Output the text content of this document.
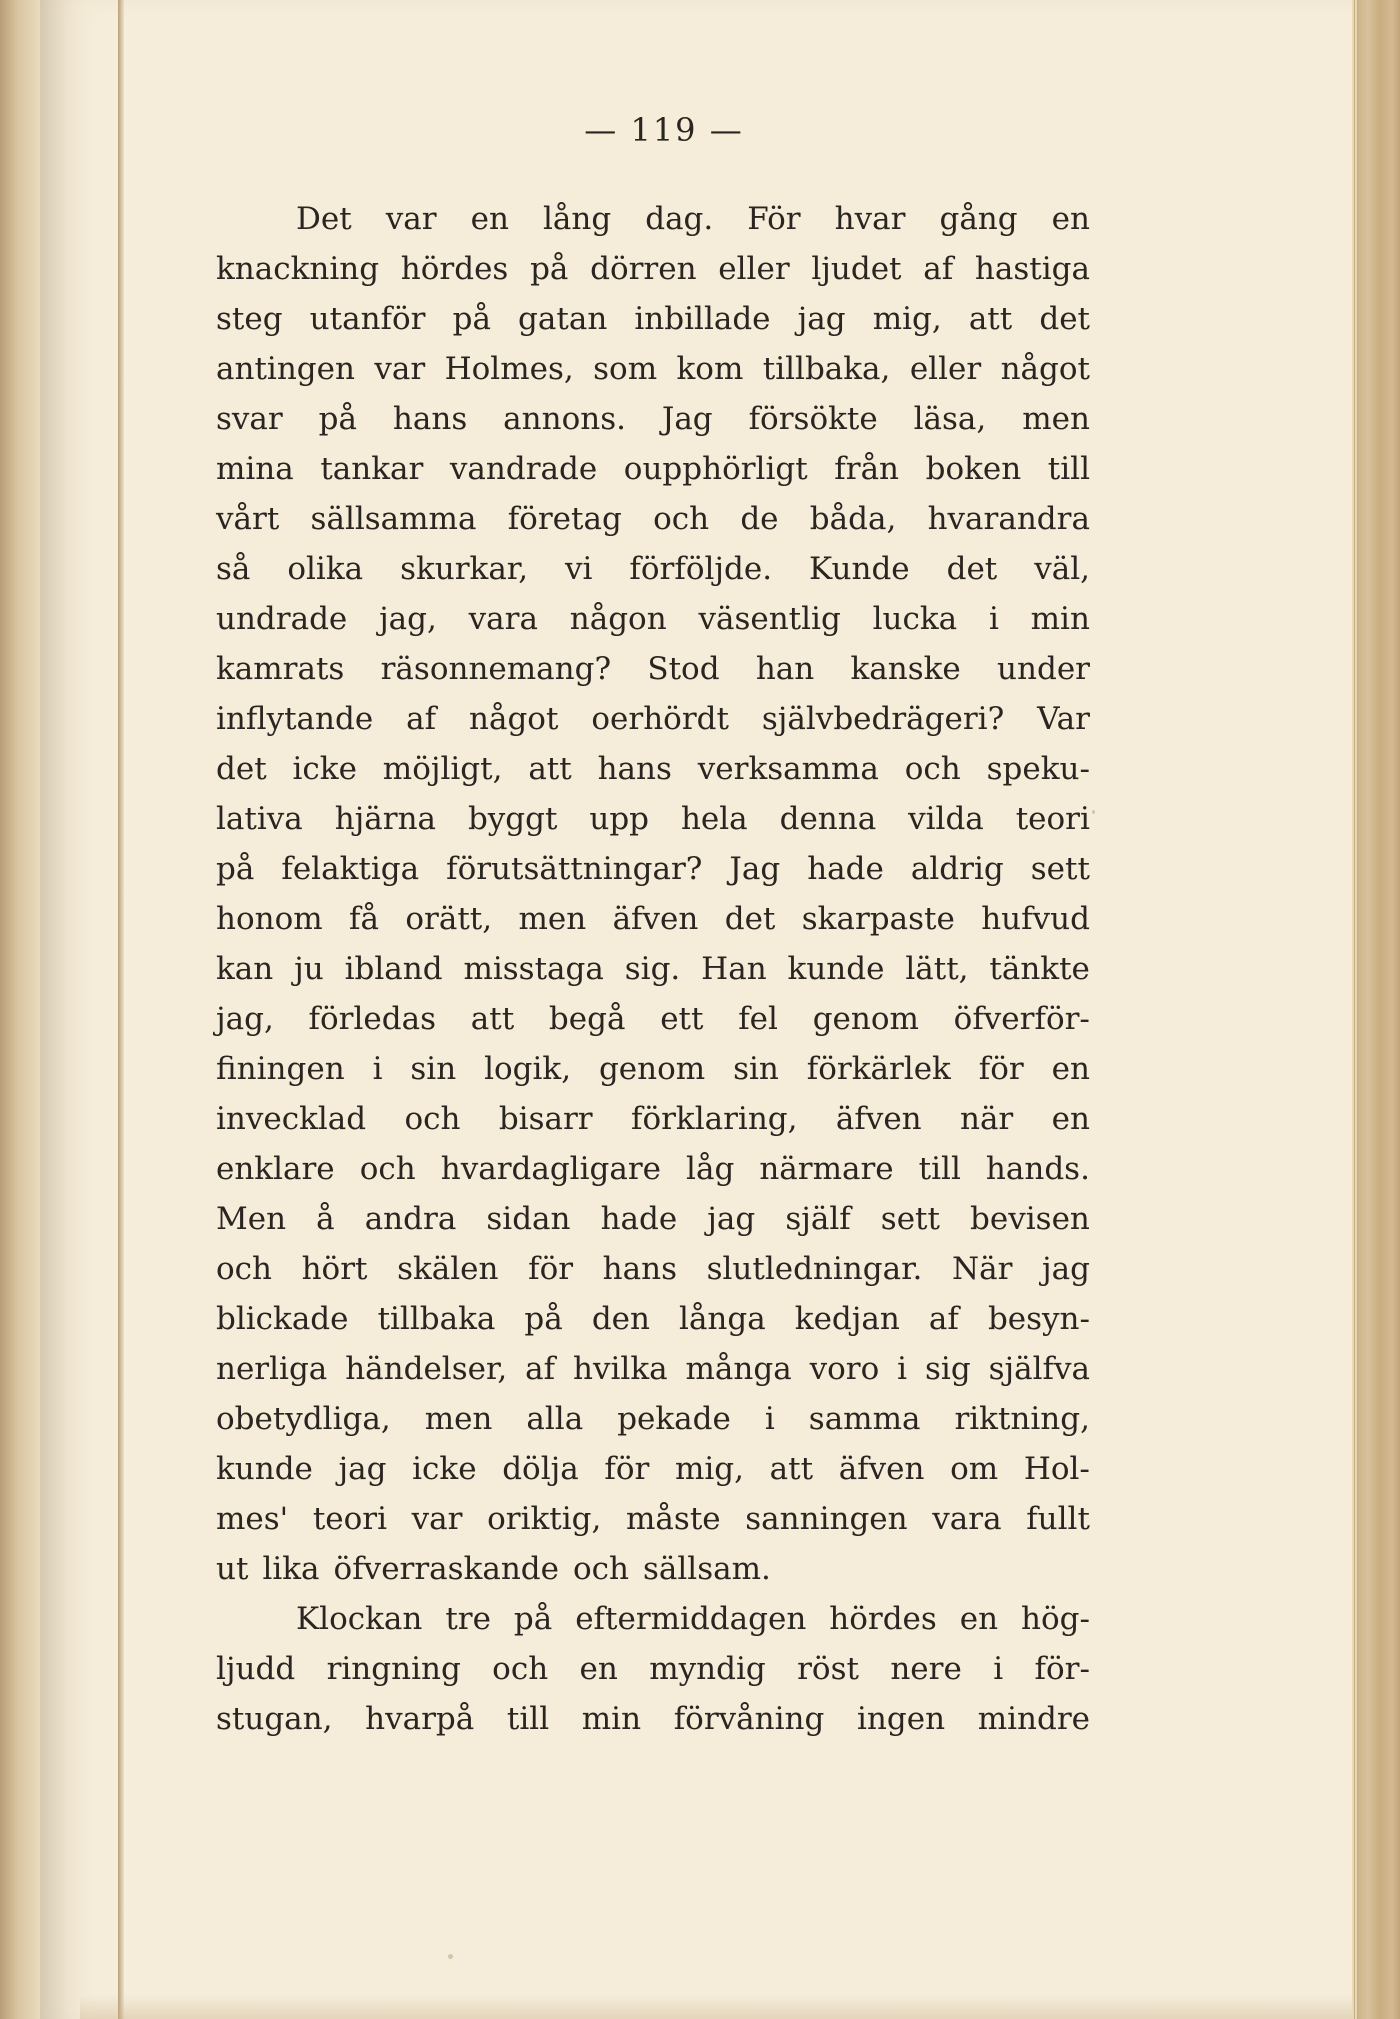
— 119 —
Det var en lång dag. För hvar gång en
knackning hördes på dörren eller ljudet af hastiga
steg utanför på gatan inbillade jag mig, att det
antingen var Holmes, som kom tillbaka, eller något
svar på hans annons. Jag försökte läsa, men
mina tankar vandrade oupphörligt från boken till
vårt sällsamma företag och de båda, hvarandra
så olika skurkar, vi förföljde. Kunde det väl,
undrade jag, vara någon väsentlig lucka i min
kamrats räsonnemang? Stod han kanske under
inflytande af något oerhördt självbedrägeri? Var
det icke möjligt, att hans verksamma och speku-
lativa hjärna byggt upp hela denna vilda teori
på felaktiga förutsättningar? Jag hade aldrig sett
honom få orätt, men äfven det skarpaste hufvud
kan ju ibland misstaga sig. Han kunde lätt, tänkte
jag, förledas att begå ett fel genom öfverför-
finingen i sin logik, genom sin förkärlek för en
invecklad och bisarr förklaring, äfven när en
enklare och hvardagligare låg närmare till hands.
Men å andra sidan hade jag själf sett bevisen
och hört skälen för hans slutledningar. När jag
blickade tillbaka på den långa kedjan af besyn-
nerliga händelser, af hvilka många voro i sig själfva
obetydliga, men alla pekade i samma riktning,
kunde jag icke dölja för mig, att äfven om Hol-
mes' teori var oriktig, måste sanningen vara fullt
ut lika öfverraskande och sällsam.
Klockan tre på eftermiddagen hördes en hög-
ljudd ringning och en myndig röst nere i för-
stugan, hvarpå till min förvåning ingen mindre
